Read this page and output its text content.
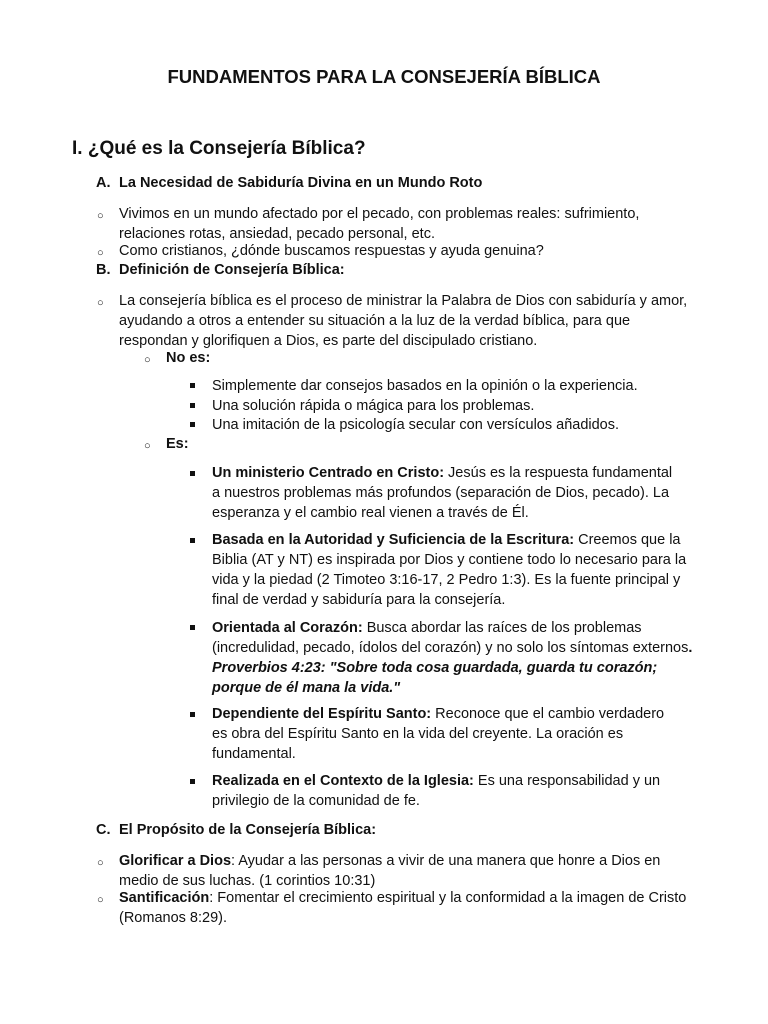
FUNDAMENTOS PARA LA CONSEJERÍA BÍBLICA
I. ¿Qué es la Consejería Bíblica?
A. La Necesidad de Sabiduría Divina en un Mundo Roto
○ Vivimos en un mundo afectado por el pecado, con problemas reales: sufrimiento, relaciones rotas, ansiedad, pecado personal, etc.

○ Como cristianos, ¿dónde buscamos respuestas y ayuda genuina?

B. Definición de Consejería Bíblica:
○ La consejería bíblica es el proceso de ministrar la Palabra de Dios con sabiduría y amor, ayudando a otros a entender su situación a la luz de la verdad bíblica, para que respondan y glorifiquen a Dios, es parte del discipulado cristiano.

○ No es:

Simplemente dar consejos basados en la opinión o la experiencia.

Una solución rápida o mágica para los problemas.

Una imitación de la psicología secular con versículos añadidos.

○ Es:

Un ministerio Centrado en Cristo: Jesús es la respuesta fundamental a nuestros problemas más profundos (separación de Dios, pecado). La esperanza y el cambio real vienen a través de Él.

Basada en la Autoridad y Suficiencia de la Escritura: Creemos que la Biblia (AT y NT) es inspirada por Dios y contiene todo lo necesario para la vida y la piedad (2 Timoteo 3:16-17, 2 Pedro 1:3). Es la fuente principal y final de verdad y sabiduría para la consejería.

Orientada al Corazón: Busca abordar las raíces de los problemas (incredulidad, pecado, ídolos del corazón) y no solo los síntomas externos. Proverbios 4:23: "Sobre toda cosa guardada, guarda tu corazón; porque de él mana la vida."

Dependiente del Espíritu Santo: Reconoce que el cambio verdadero es obra del Espíritu Santo en la vida del creyente. La oración es fundamental.

Realizada en el Contexto de la Iglesia: Es una responsabilidad y un privilegio de la comunidad de fe.

C. El Propósito de la Consejería Bíblica:
○ Glorificar a Dios: Ayudar a las personas a vivir de una manera que honre a Dios en medio de sus luchas. (1 corintios 10:31)

○ Santificación: Fomentar el crecimiento espiritual y la conformidad a la imagen de Cristo (Romanos 8:29).
